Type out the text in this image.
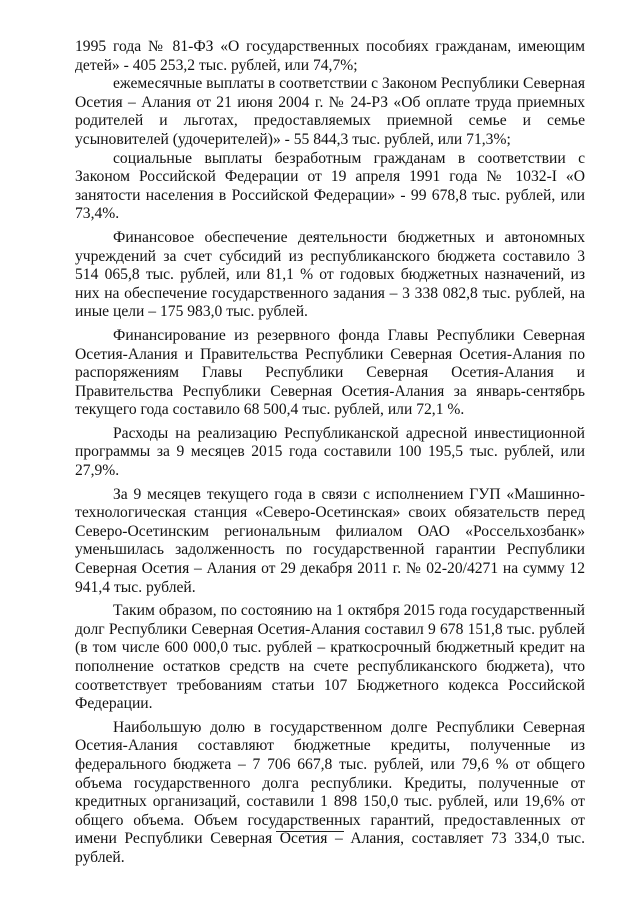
1995 года № 81-ФЗ «О государственных пособиях гражданам, имеющим детей» - 405 253,2 тыс. рублей, или 74,7%;

ежемесячные выплаты в соответствии с Законом Республики Северная Осетия – Алания от 21 июня 2004 г. № 24-РЗ «Об оплате труда приемных родителей и льготах, предоставляемых приемной семье и семье усыновителей (удочерителей)» - 55 844,3 тыс. рублей, или 71,3%;

социальные выплаты безработным гражданам в соответствии с Законом Российской Федерации от 19 апреля 1991 года № 1032-I «О занятости населения в Российской Федерации» - 99 678,8 тыс. рублей, или 73,4%.

Финансовое обеспечение деятельности бюджетных и автономных учреждений за счет субсидий из республиканского бюджета составило 3 514 065,8 тыс. рублей, или 81,1 % от годовых бюджетных назначений, из них на обеспечение государственного задания – 3 338 082,8 тыс. рублей, на иные цели – 175 983,0 тыс. рублей.

Финансирование из резервного фонда Главы Республики Северная Осетия-Алания и Правительства Республики Северная Осетия-Алания по распоряжениям Главы Республики Северная Осетия-Алания и Правительства Республики Северная Осетия-Алания за январь-сентябрь текущего года составило 68 500,4 тыс. рублей, или 72,1 %.

Расходы на реализацию Республиканской адресной инвестиционной программы за 9 месяцев 2015 года составили 100 195,5 тыс. рублей, или 27,9%.

За 9 месяцев текущего года в связи с исполнением ГУП «Машинно-технологическая станция «Северо-Осетинская» своих обязательств перед Северо-Осетинским региональным филиалом ОАО «Россельхозбанк» уменьшилась задолженность по государственной гарантии Республики Северная Осетия – Алания от 29 декабря 2011 г. № 02-20/4271 на сумму 12 941,4 тыс. рублей.

Таким образом, по состоянию на 1 октября 2015 года государственный долг Республики Северная Осетия-Алания составил 9 678 151,8 тыс. рублей (в том числе 600 000,0 тыс. рублей – краткосрочный бюджетный кредит на пополнение остатков средств на счете республиканского бюджета), что соответствует требованиям статьи 107 Бюджетного кодекса Российской Федерации.

Наибольшую долю в государственном долге Республики Северная Осетия-Алания составляют бюджетные кредиты, полученные из федерального бюджета – 7 706 667,8 тыс. рублей, или 79,6 % от общего объема государственного долга республики. Кредиты, полученные от кредитных организаций, составили 1 898 150,0 тыс. рублей, или 19,6% от общего объема. Объем государственных гарантий, предоставленных от имени Республики Северная Осетия – Алания, составляет 73 334,0 тыс. рублей.
